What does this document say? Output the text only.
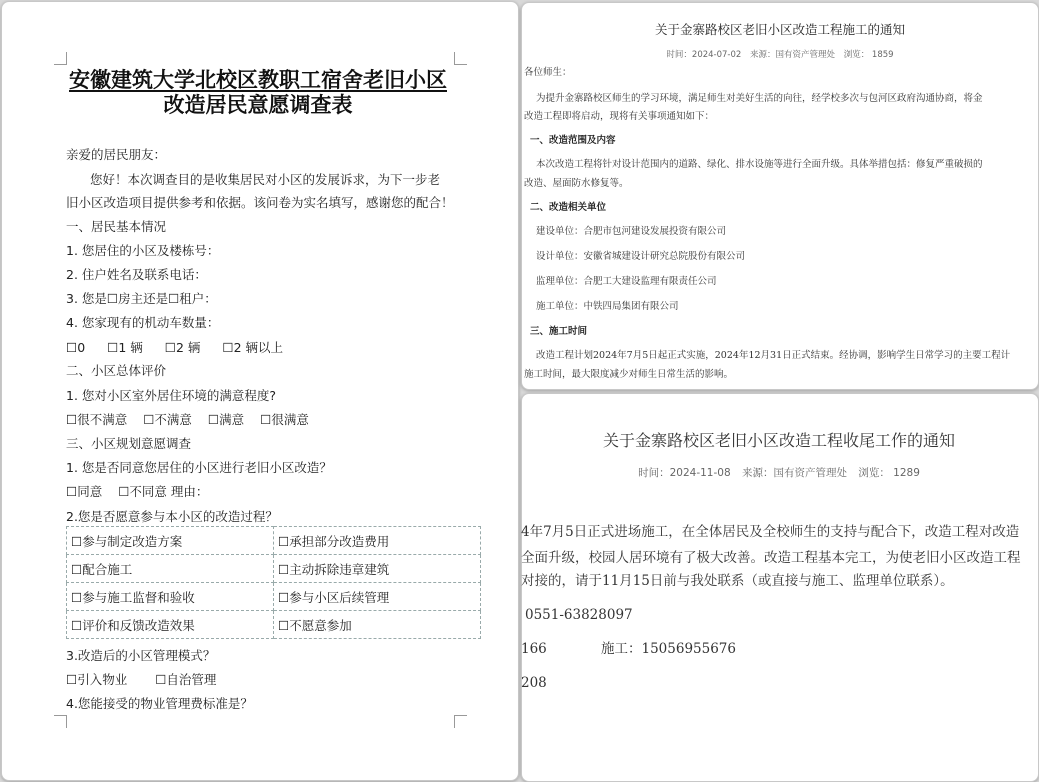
安徽建筑大学北校区教职工宿舍老旧小区
改造居民意愿调查表
亲爱的居民朋友：
您好！本次调查目的是收集居民对小区的发展诉求，为下一步老
旧小区改造项目提供参考和依据。该问卷为实名填写，感谢您的配合！
一、居民基本情况
1. 您居住的小区及楼栋号：
2. 住户姓名及联系电话：
3. 您是☐房主还是☐租户：
4. 您家现有的机动车数量：
☐0 ☐1 辆 ☐2 辆 ☐2 辆以上
二、小区总体评价
1. 您对小区室外居住环境的满意程度?
☐很不满意 ☐不满意 ☐满意 ☐很满意
三、小区规划意愿调查
1. 您是否同意您居住的小区进行老旧小区改造？
☐同意 ☐不同意 理由：
2.您是否愿意参与本小区的改造过程？
☐参与制定改造方案	☐承担部分改造费用
☐配合施工	☐主动拆除违章建筑
☐参与施工监督和验收	☐参与小区后续管理
☐评价和反馈改造效果	☐不愿意参加
3.改造后的小区管理模式？
☐引入物业 ☐自治管理
4.您能接受的物业管理费标准是？
关于金寨路校区老旧小区改造工程施工的通知
时间：2024-07-02 来源：国有资产管理处 浏览： 1859
各位师生：
为提升金寨路校区师生的学习环境，满足师生对美好生活的向往，经学校多次与包河区政府沟通协商，将金
改造工程即将启动，现将有关事项通知如下：
一、改造范围及内容
本次改造工程将针对设计范围内的道路、绿化、排水设施等进行全面升级。具体举措包括：修复严重破损的
改造、屋面防水修复等。
二、改造相关单位
建设单位：合肥市包河建设发展投资有限公司
设计单位：安徽省城建设计研究总院股份有限公司
监理单位：合肥工大建设监理有限责任公司
施工单位：中铁四局集团有限公司
三、施工时间
改造工程计划2024年7月5日起正式实施，2024年12月31日正式结束。经协调，影响学生日常学习的主要工程计
施工时间，最大限度减少对师生日常生活的影响。
关于金寨路校区老旧小区改造工程收尾工作的通知
时间：2024-11-08 来源：国有资产管理处 浏览： 1289
4年7月5日正式进场施工，在全体居民及全校师生的支持与配合下，改造工程对改造
全面升级，校园人居环境有了极大改善。改造工程基本完工，为使老旧小区改造工程
对接的，请于11月15日前与我处联系（或直接与施工、监理单位联系）。
0551-63828097
166	施工：15056955676
208
